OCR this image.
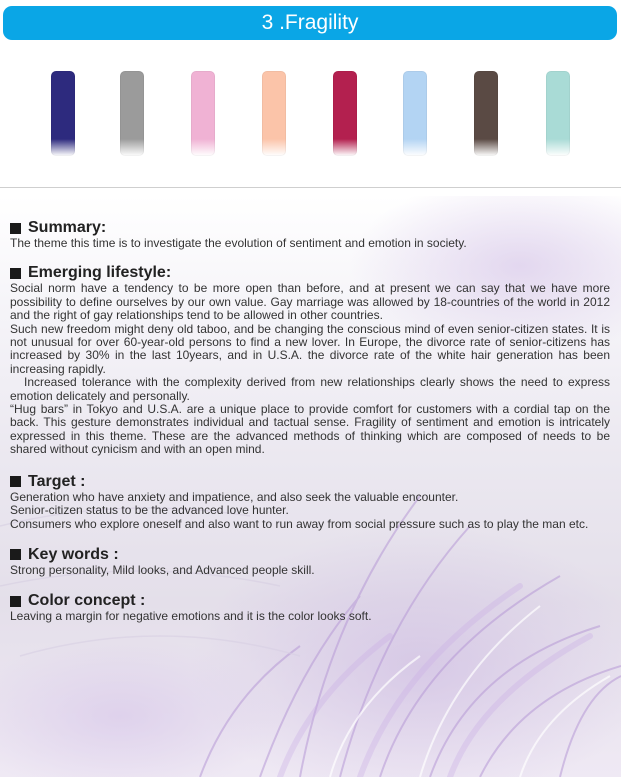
3 .Fragility
Summary:

The theme this time is to investigate the evolution of sentiment and emotion in society.

Emerging lifestyle:

Social norm have a tendency to be more open than before, and at present we can say that we have more possibility to define ourselves by our own value. Gay marriage was allowed by 18-countries of the world in 2012 and the right of gay relationships tend to be allowed in other countries.

Such new freedom might deny old taboo, and be changing the conscious mind of even senior-citizen states. It is not unusual for over 60-year-old persons to find a new lover. In Europe, the divorce rate of senior-citizens has increased by 30% in the last 10years, and in U.S.A. the divorce rate of the white hair generation has been increasing rapidly.

Increased tolerance with the complexity derived from new relationships clearly shows the need to express emotion delicately and personally.

“Hug bars” in Tokyo and U.S.A. are a unique place to provide comfort for customers with a cordial tap on the back. This gesture demonstrates individual and tactual sense. Fragility of sentiment and emotion is intricately expressed in this theme. These are the advanced methods of thinking which are composed of needs to be shared without cynicism and with an open mind.

Target :

Generation who have anxiety and impatience, and also seek the valuable encounter.

Senior-citizen status to be the advanced love hunter.

Consumers who explore oneself and also want to run away from social pressure such as to play the man etc.

Key words :

Strong personality, Mild looks, and Advanced people skill.

Color concept :

Leaving a margin for negative emotions and it is the color looks soft.
